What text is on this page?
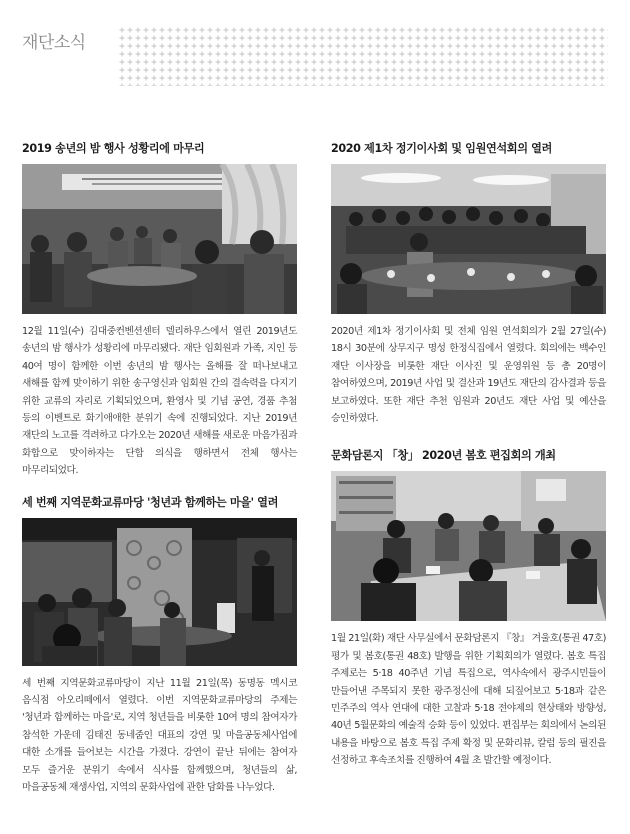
재단소식
2019 송년의 밤 행사 성황리에 마무리

12월 11일(수) 김대중컨벤션센터 델리하우스에서 열린 2019년도 송년의 밤 행사가 성황리에 마무리됐다. 재단 임회원과 가족, 지인 등 40여 명이 함께한 이번 송년의 밤 행사는 올해를 잘 떠나보내고 새해를 함께 맞이하기 위한 송구영신과 임회원 간의 결속력을 다지기 위한 교류의 자리로 기획되었으며, 환영사 및 기념 공연, 경품 추첨 등의 이벤트로 화기애애한 분위기 속에 진행되었다. 지난 2019년 재단의 노고를 격려하고 다가오는 2020년 새해를 새로운 마음가짐과 화합으로 맞이하자는 단합 의식을 행하면서 전체 행사는 마무리되었다.

세 번째 지역문화교류마당 '청년과 함께하는 마을' 열려

세 번째 지역문화교류마당이 지난 11월 21일(목) 동명동 멕시코 음식점 아오리떼에서 열렸다. 이번 지역문화교류마당의 주제는 '청년과 함께하는 마을'로, 지역 청년들을 비롯한 10여 명의 참여자가 참석한 가운데 김태진 동네줌인 대표의 강연 및 마을공동체사업에 대한 소개를 들어보는 시간을 가졌다. 강연이 끝난 뒤에는 참여자 모두 즐거운 분위기 속에서 식사를 함께했으며, 청년들의 삶, 마을공동체 재생사업, 지역의 문화사업에 관한 담화를 나누었다.

2020 제1차 정기이사회 및 임원연석회의 열려

2020년 제1차 정기이사회 및 전체 임원 연석회의가 2월 27일(수) 18시 30분에 상무지구 명성 한정식집에서 열렸다. 회의에는 백수인 재단 이사장을 비롯한 재단 이사진 및 운영위원 등 총 20명이 참여하였으며, 2019년 사업 및 결산과 19년도 재단의 감사결과 등을 보고하였다. 또한 재단 추천 임원과 20년도 재단 사업 및 예산을 승인하였다.

문화담론지 「창」 2020년 봄호 편집회의 개최

1월 21일(화) 재단 사무실에서 문화담론지 『창』 겨울호(통권 47호) 평가 및 봄호(통권 48호) 발행을 위한 기획회의가 열렸다. 봄호 특집 주제로는 5·18 40주년 기념 특집으로, 역사속에서 광주시민들이 만들어낸 주목되지 못한 광주정신에 대해 되짚어보고 5·18과 같은 민주주의 역사 연대에 대한 고찰과 5·18 전야제의 현상태와 방향성, 40년 5월문화의 예술적 승화 등이 있었다. 편집부는 회의에서 논의된 내용을 바탕으로 봄호 특집 주제 확정 및 문화리뷰, 칼럼 등의 필진을 선정하고 후속조치를 진행하여 4월 초 발간할 예정이다.
